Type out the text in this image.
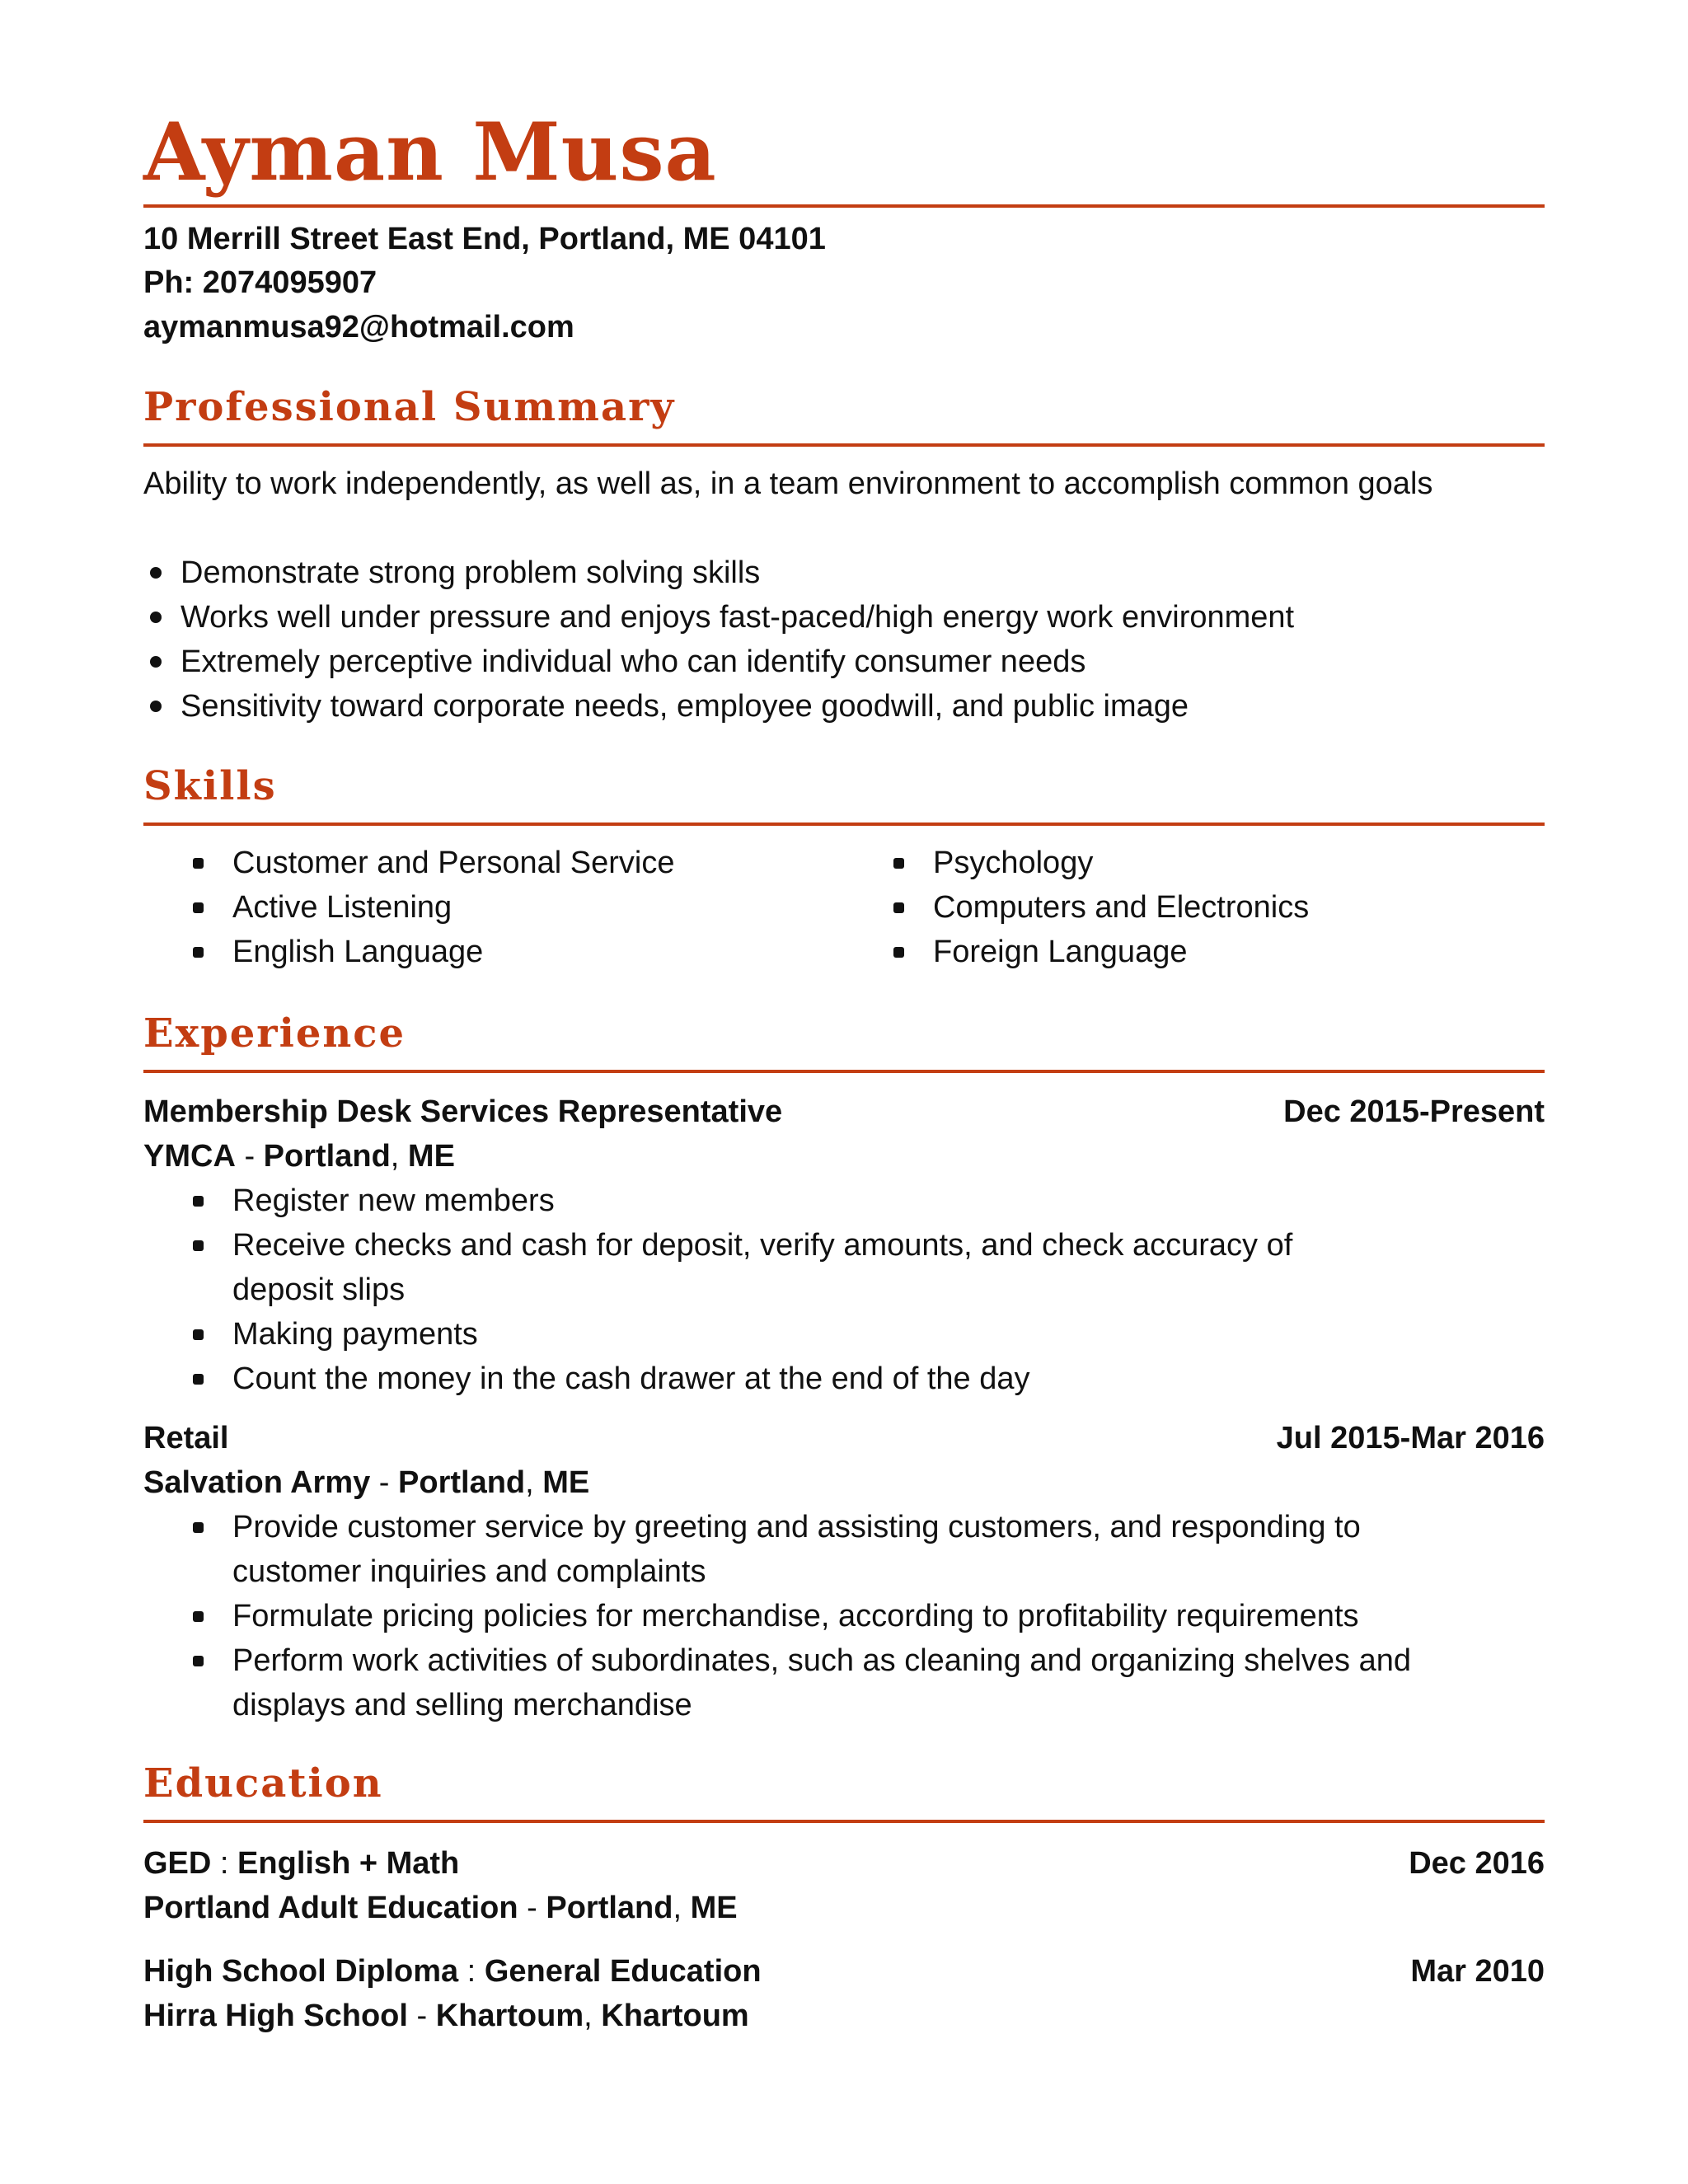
Ayman Musa
10 Merrill Street East End, Portland, ME 04101
Ph: 2074095907
aymanmusa92@hotmail.com
Professional Summary
Ability to work independently, as well as, in a team environment to accomplish common goals
Demonstrate strong problem solving skills
Works well under pressure and enjoys fast-paced/high energy work environment
Extremely perceptive individual who can identify consumer needs
Sensitivity toward corporate needs, employee goodwill, and public image
Skills
Customer and Personal Service
Active Listening
English Language
Psychology
Computers and Electronics
Foreign Language
Experience
Membership Desk Services Representative	Dec 2015-Present
YMCA - Portland, ME
Register new members
Receive checks and cash for deposit, verify amounts, and check accuracy of
deposit slips
Making payments
Count the money in the cash drawer at the end of the day
Retail	Jul 2015-Mar 2016
Salvation Army - Portland, ME
Provide customer service by greeting and assisting customers, and responding to
customer inquiries and complaints
Formulate pricing policies for merchandise, according to profitability requirements
Perform work activities of subordinates, such as cleaning and organizing shelves and
displays and selling merchandise
Education
GED : English + Math	Dec 2016
Portland Adult Education - Portland, ME
High School Diploma : General Education	Mar 2010
Hirra High School - Khartoum, Khartoum
